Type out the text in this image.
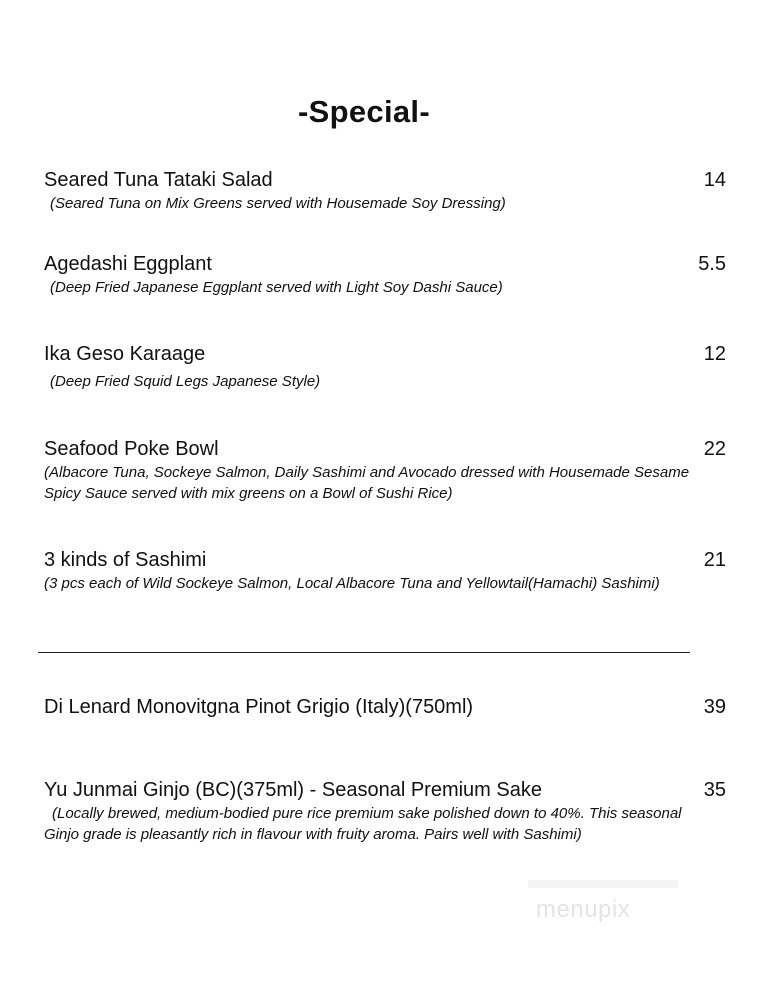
-Special-
Seared Tuna Tataki Salad	14
(Seared Tuna on Mix Greens served with Housemade Soy Dressing)
Agedashi Eggplant	5.5
(Deep Fried Japanese Eggplant served with Light Soy Dashi Sauce)
Ika Geso Karaage	12
(Deep Fried Squid Legs Japanese Style)
Seafood Poke Bowl	22
(Albacore Tuna, Sockeye Salmon, Daily Sashimi and Avocado dressed with Housemade Sesame Spicy Sauce served with mix greens on a Bowl of Sushi Rice)
3 kinds of Sashimi	21
(3 pcs each of Wild Sockeye Salmon, Local Albacore Tuna and Yellowtail(Hamachi) Sashimi)
Di Lenard Monovitgna Pinot Grigio (Italy)(750ml)	39
Yu Junmai Ginjo (BC)(375ml) - Seasonal Premium Sake	35
(Locally brewed, medium-bodied pure rice premium sake polished down to 40%. This seasonal Ginjo grade is pleasantly rich in flavour with fruity aroma. Pairs well with Sashimi)
menupix
